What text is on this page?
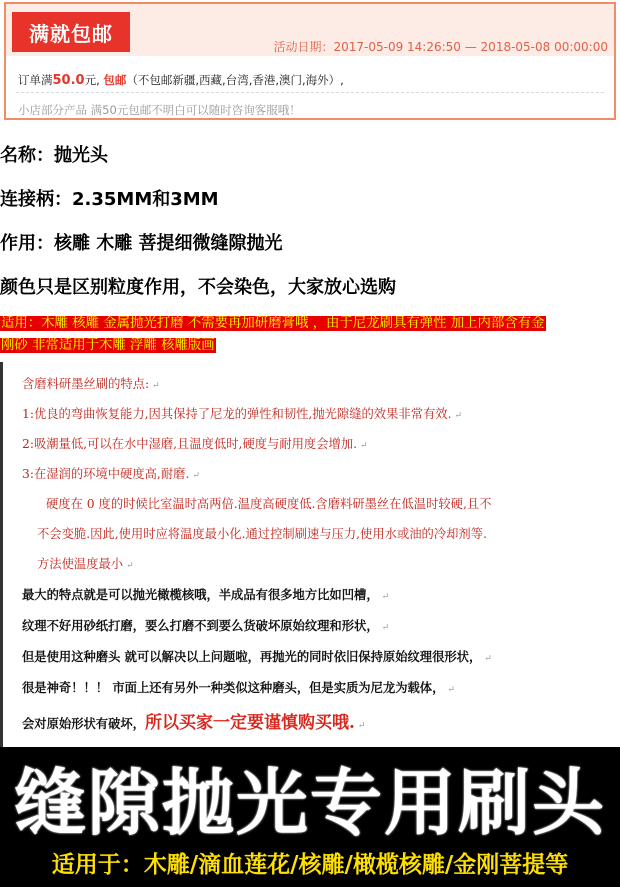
满就包邮
活动日期：2017-05-09 14:26:50 — 2018-05-08 00:00:00
订单满50.0元, 包邮（不包邮新疆,西藏,台湾,香港,澳门,海外）,
小店部分产品 满50元包邮不明白可以随时咨询客服哦！
名称：抛光头
连接柄：2.35MM和3MM
作用：核雕 木雕 菩提细微缝隙抛光
颜色只是区别粒度作用，不会染色，大家放心选购
适用：木雕 核雕 金属抛光打磨 不需要再加研磨膏哦 ，由于尼龙刷具有弹性 加上内部含有金
刚砂 非常适用于木雕 浮雕 核雕版画
含磨料研墨丝刷的特点: ↵
1:优良的弯曲恢复能力,因其保持了尼龙的弹性和韧性,抛光隙缝的效果非常有效. ↵
2:吸潮量低,可以在水中湿磨,且温度低时,硬度与耐用度会增加. ↵
3:在湿润的环境中硬度高,耐磨. ↵
硬度在 0 度的时候比室温时高两倍.温度高硬度低.含磨料研墨丝在低温时较硬,且不
不会变脆.因此,使用时应将温度最小化.通过控制刷速与压力,使用水或油的冷却剂等.
方法使温度最小 ↵
最大的特点就是可以抛光橄榄核哦，半成品有很多地方比如凹槽， ↵
纹理不好用砂纸打磨，要么打磨不到要么货破坏原始纹理和形状， ↵
但是使用这种磨头 就可以解决以上问题啦，再抛光的同时依旧保持原始纹理很形状， ↵
很是神奇！！！ 市面上还有另外一种类似这种磨头，但是实质为尼龙为载体， ↵
会对原始形状有破坏，所以买家一定要谨慎购买哦. ↵
缝隙抛光专用刷头
适用于：木雕/滴血莲花/核雕/橄榄核雕/金刚菩提等
